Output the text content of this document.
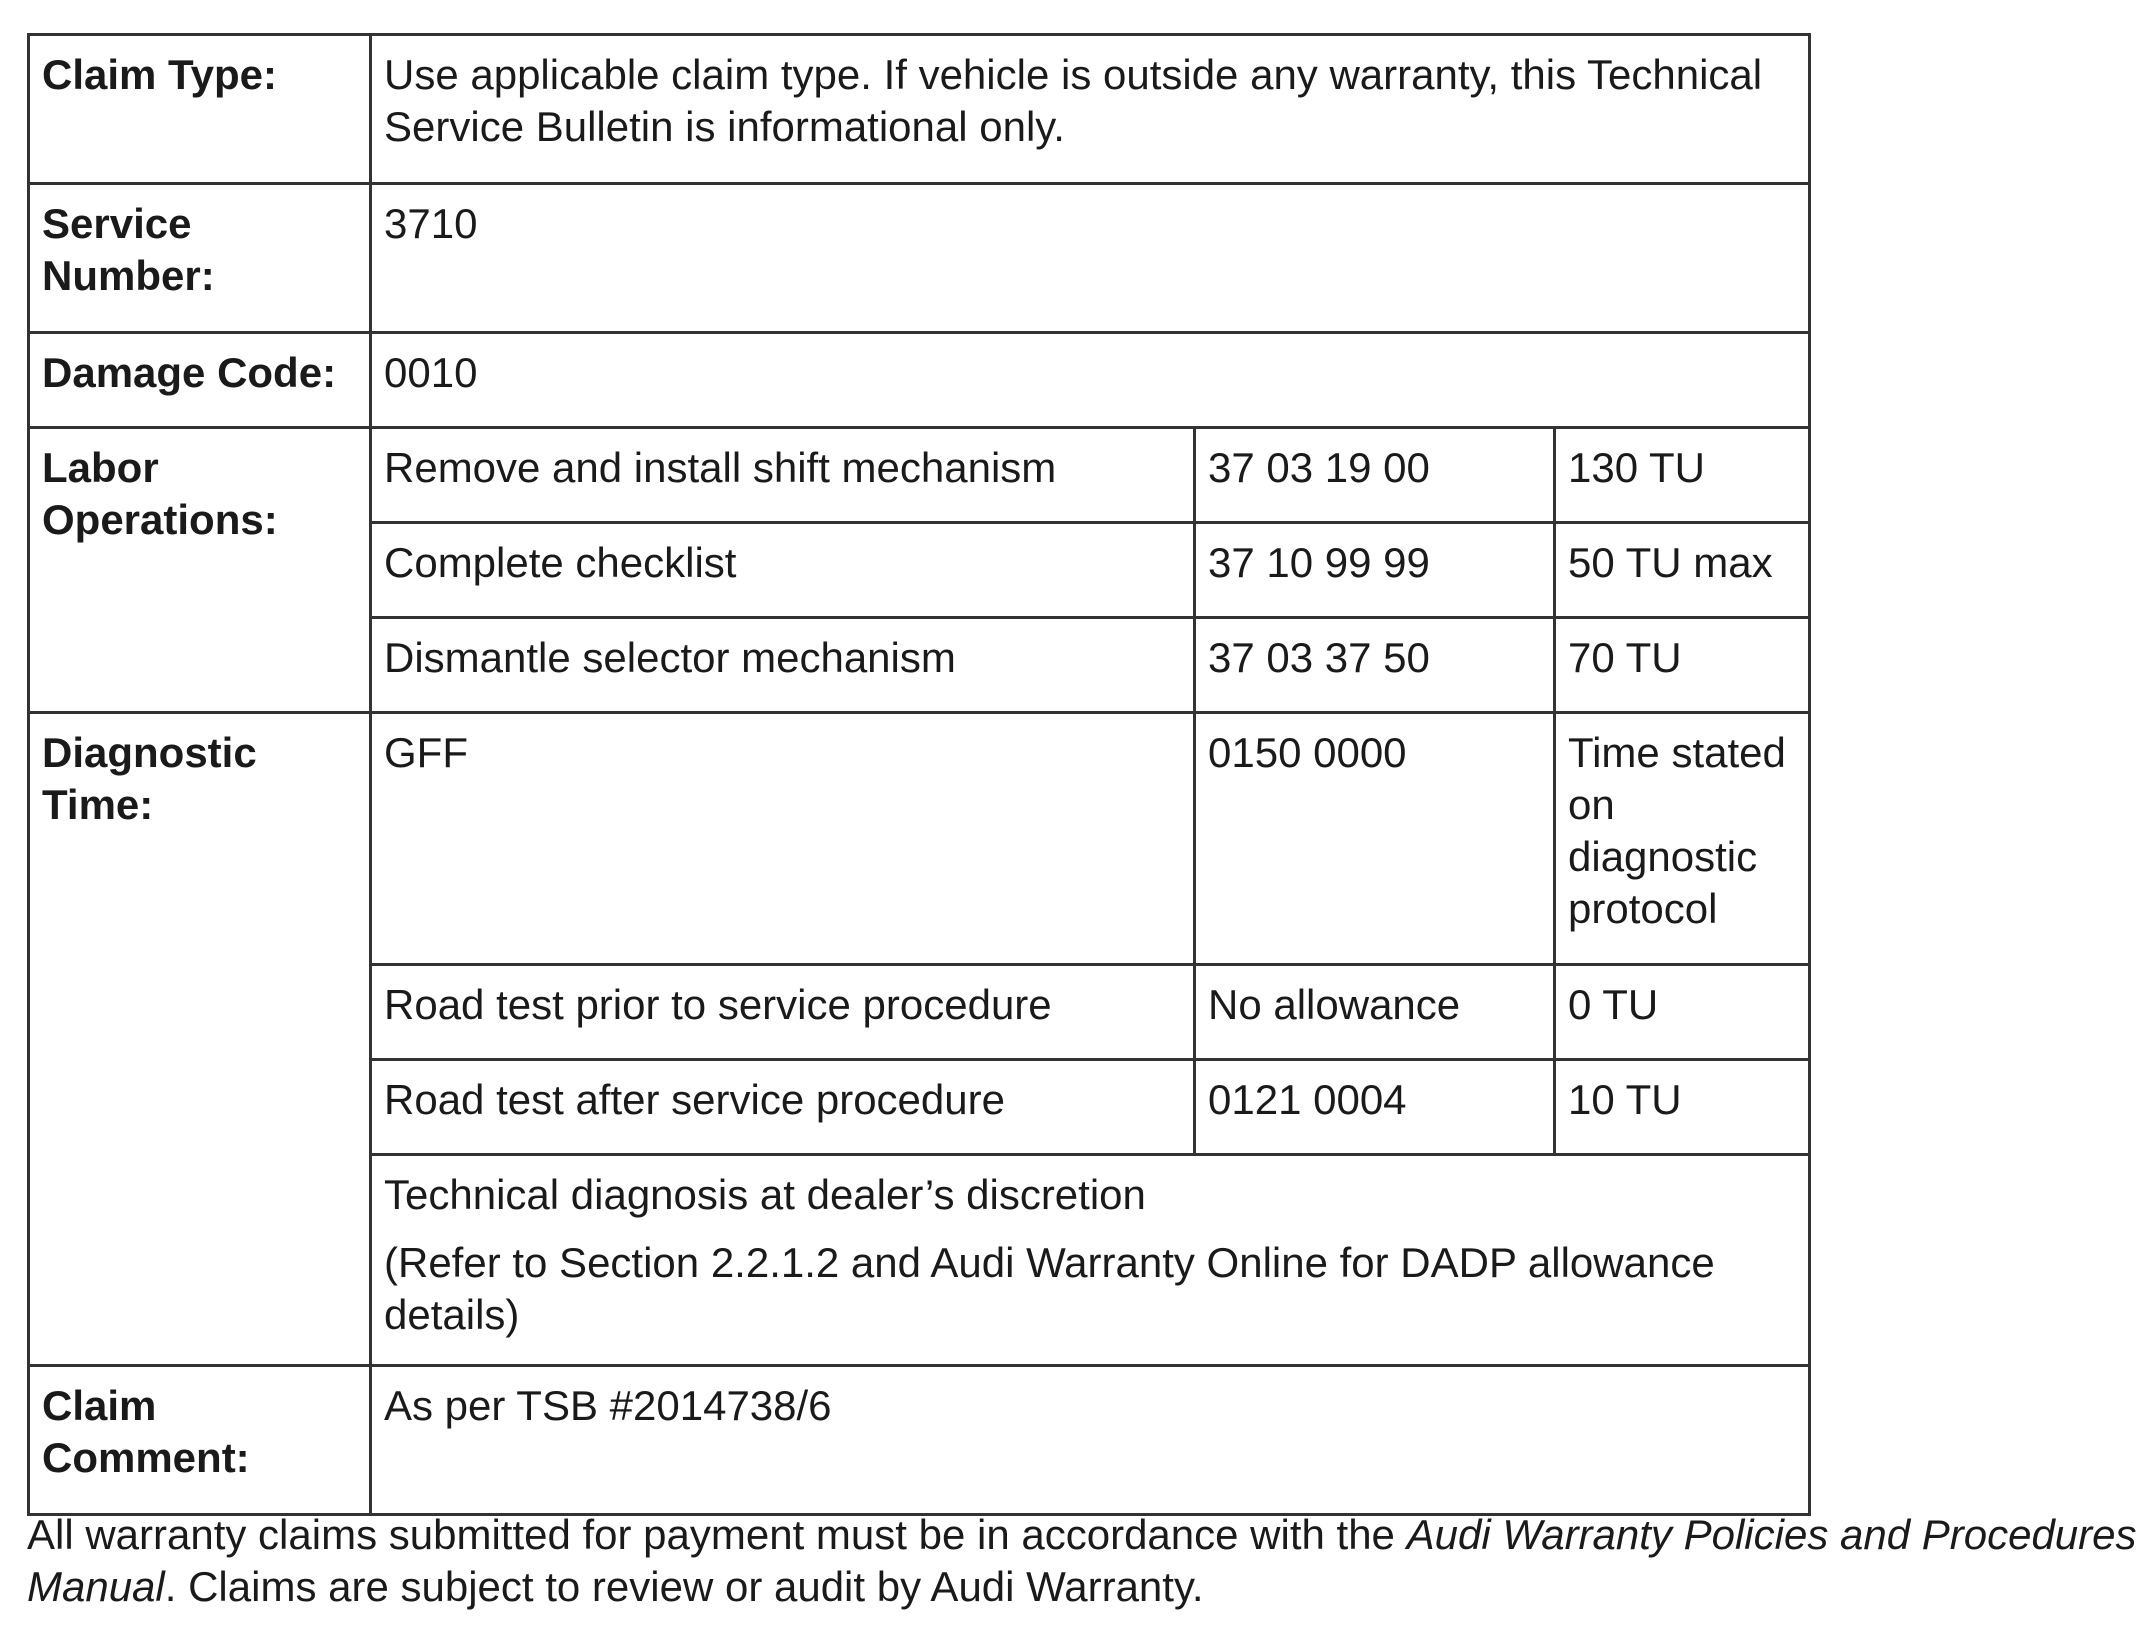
Claim Type:	Use applicable claim type. If vehicle is outside any warranty, this Technical Service Bulletin is informational only.		
Service Number:	3710		
Damage Code:	0010		
Labor Operations:	Remove and install shift mechanism	37 03 19 00	130 TU
	Complete checklist	37 10 99 99	50 TU max
	Dismantle selector mechanism	37 03 37 50	70 TU
Diagnostic Time:	GFF	0150 0000	Time stated on diagnostic protocol
	Road test prior to service procedure	No allowance	0 TU
	Road test after service procedure	0121 0004	10 TU

	Technical diagnosis at dealer’s discretion
(Refer to Section 2.2.1.2 and Audi Warranty Online for DADP allowance details)		

Claim Comment:	As per TSB #2014738/6		

All warranty claims submitted for payment must be in accordance with the Audi Warranty Policies and Procedures Manual. Claims are subject to review or audit by Audi Warranty.
